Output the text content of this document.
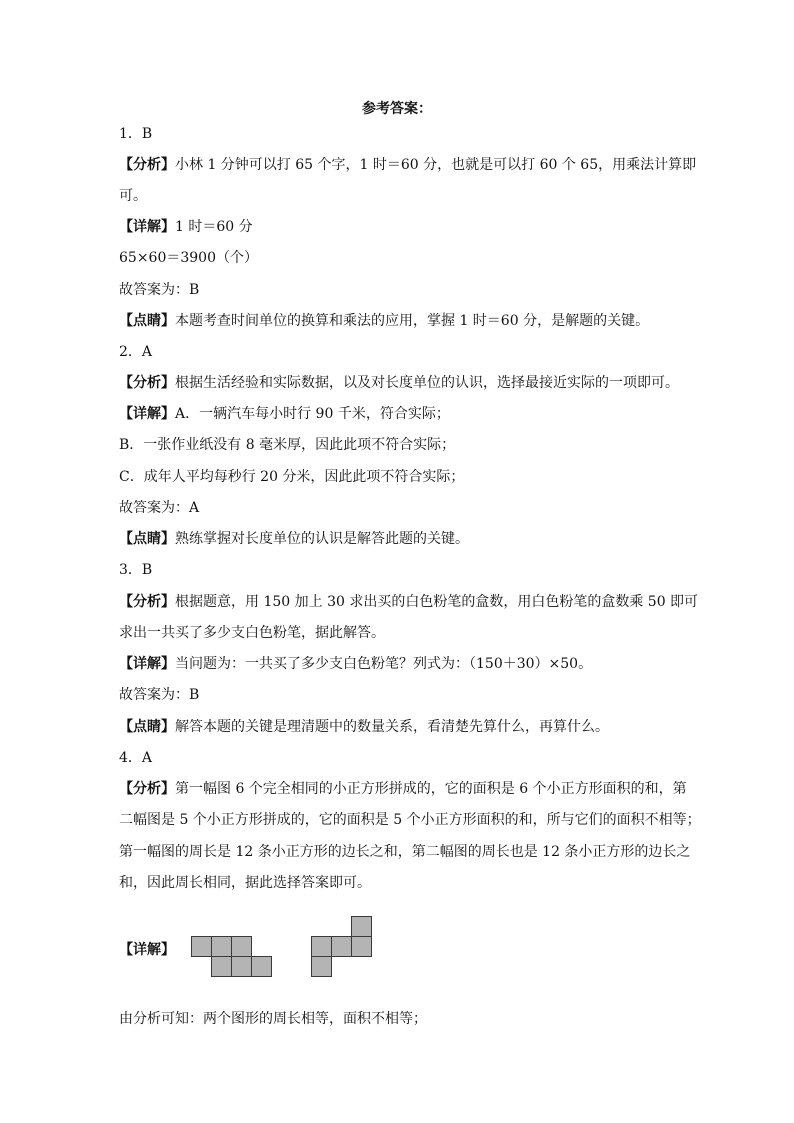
参考答案：
1．B
【分析】小林 1 分钟可以打 65 个字，1 时＝60 分，也就是可以打 60 个 65，用乘法计算即
可。
【详解】1 时＝60 分
65×60＝3900（个）
故答案为：B
【点睛】本题考查时间单位的换算和乘法的应用，掌握 1 时＝60 分，是解题的关键。
2．A
【分析】根据生活经验和实际数据，以及对长度单位的认识，选择最接近实际的一项即可。
【详解】A．一辆汽车每小时行 90 千米，符合实际；
B．一张作业纸没有 8 毫米厚，因此此项不符合实际；
C．成年人平均每秒行 20 分米，因此此项不符合实际；
故答案为：A
【点睛】熟练掌握对长度单位的认识是解答此题的关键。
3．B
【分析】根据题意，用 150 加上 30 求出买的白色粉笔的盒数，用白色粉笔的盒数乘 50 即可
求出一共买了多少支白色粉笔，据此解答。
【详解】当问题为：一共买了多少支白色粉笔？列式为：（150＋30）×50。
故答案为：B
【点睛】解答本题的关键是理清题中的数量关系，看清楚先算什么，再算什么。
4．A
【分析】第一幅图 6 个完全相同的小正方形拼成的，它的面积是 6 个小正方形面积的和，第
二幅图是 5 个小正方形拼成的，它的面积是 5 个小正方形面积的和，所与它们的面积不相等；
第一幅图的周长是 12 条小正方形的边长之和，第二幅图的周长也是 12 条小正方形的边长之
和，因此周长相同，据此选择答案即可。
【详解】
由分析可知：两个图形的周长相等，面积不相等；
